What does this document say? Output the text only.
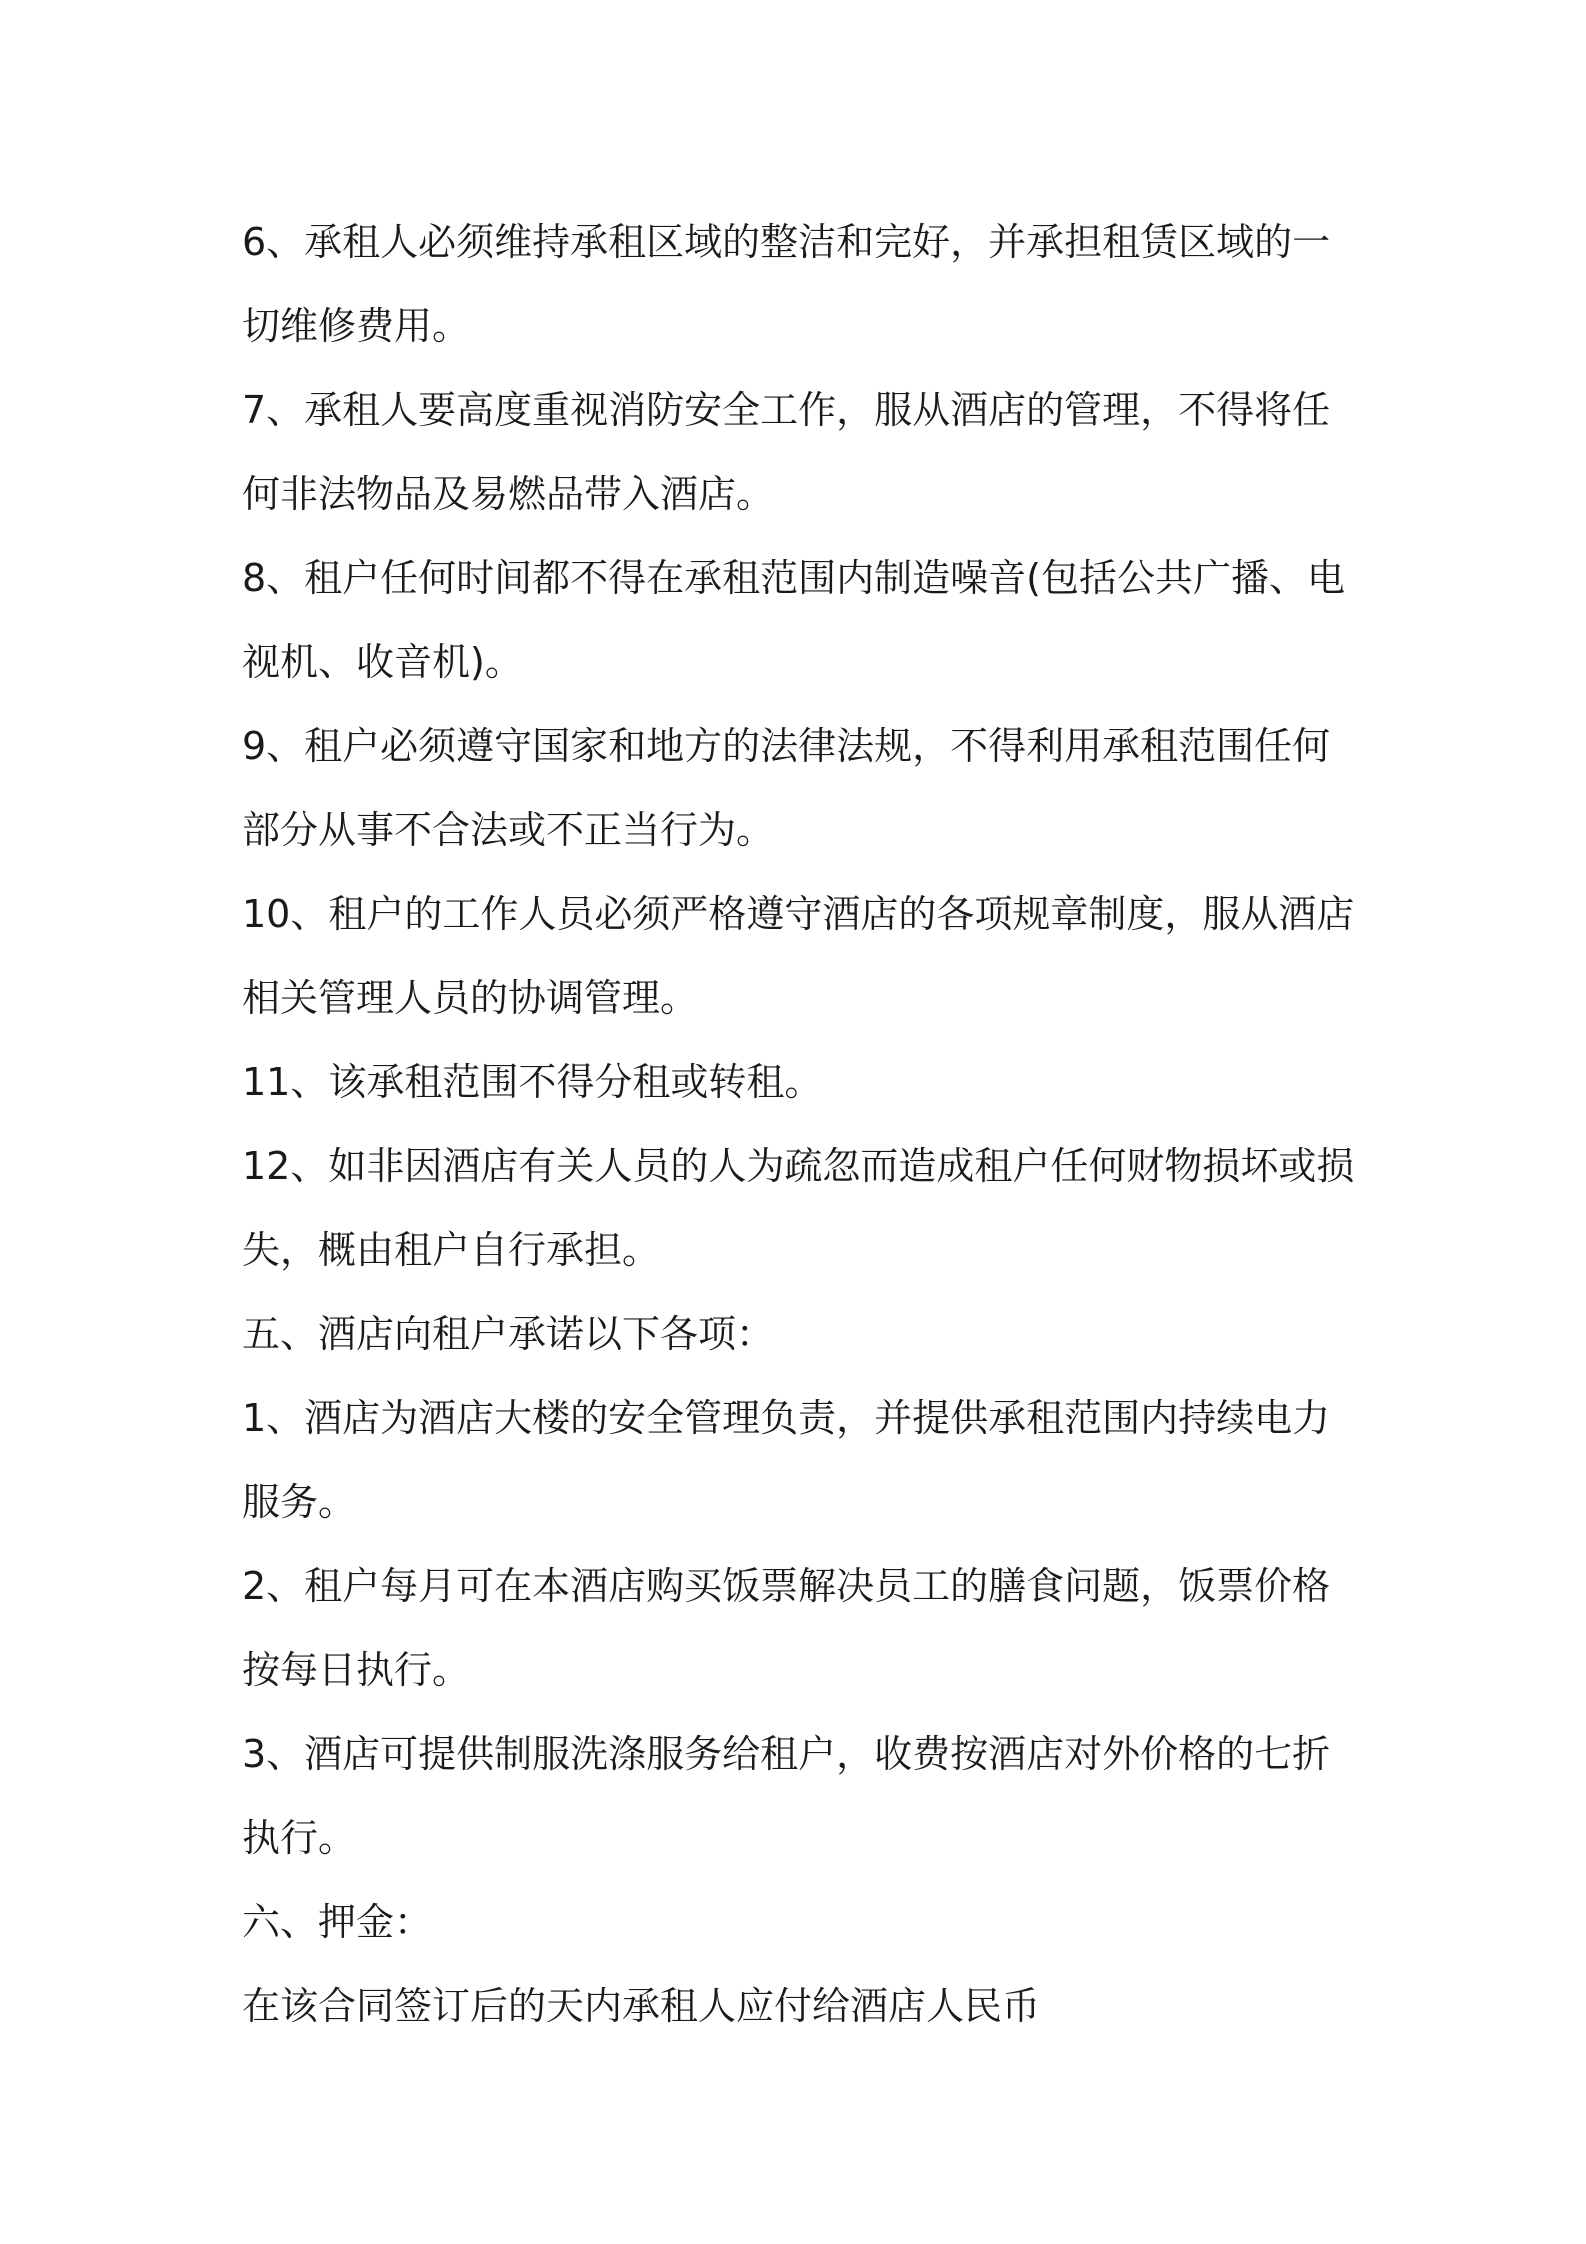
6、承租人必须维持承租区域的整洁和完好，并承担租赁区域的一切维修费用。

7、承租人要高度重视消防安全工作，服从酒店的管理，不得将任何非法物品及易燃品带入酒店。

8、租户任何时间都不得在承租范围内制造噪音(包括公共广播、电视机、收音机)。

9、租户必须遵守国家和地方的法律法规，不得利用承租范围任何部分从事不合法或不正当行为。

10、租户的工作人员必须严格遵守酒店的各项规章制度，服从酒店相关管理人员的协调管理。

11、该承租范围不得分租或转租。

12、如非因酒店有关人员的人为疏忽而造成租户任何财物损坏或损失，概由租户自行承担。

五、酒店向租户承诺以下各项：

1、酒店为酒店大楼的安全管理负责，并提供承租范围内持续电力服务。

2、租户每月可在本酒店购买饭票解决员工的膳食问题，饭票价格按每日执行。

3、酒店可提供制服洗涤服务给租户，收费按酒店对外价格的七折执行。

六、押金：

在该合同签订后的天内承租人应付给酒店人民币
